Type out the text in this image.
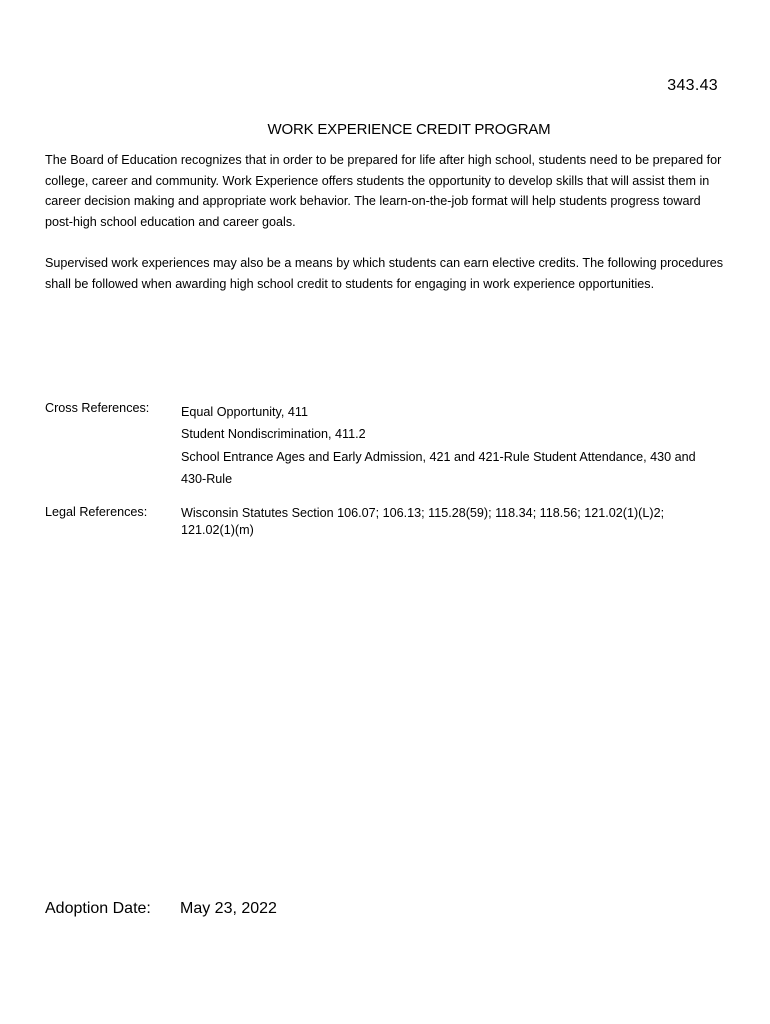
343.43
WORK EXPERIENCE CREDIT PROGRAM

The Board of Education recognizes that in order to be prepared for life after high school, students need to be prepared for college, career and community. Work Experience offers students the opportunity to develop skills that will assist them in career decision making and appropriate work behavior. The learn-on-the-job format will help students progress toward post-high school education and career goals.

Supervised work experiences may also be a means by which students can earn elective credits. The following procedures shall be followed when awarding high school credit to students for engaging in work experience opportunities.

Cross References:	Equal Opportunity, 411

Student Nondiscrimination, 411.2

School Entrance Ages and Early Admission, 421 and 421-Rule Student Attendance, 430 and 430-Rule

Legal References:	Wisconsin Statutes Section 106.07; 106.13; 115.28(59); 118.34; 118.56; 121.02(1)(L)2; 121.02(1)(m)
Adoption Date: May 23, 2022
